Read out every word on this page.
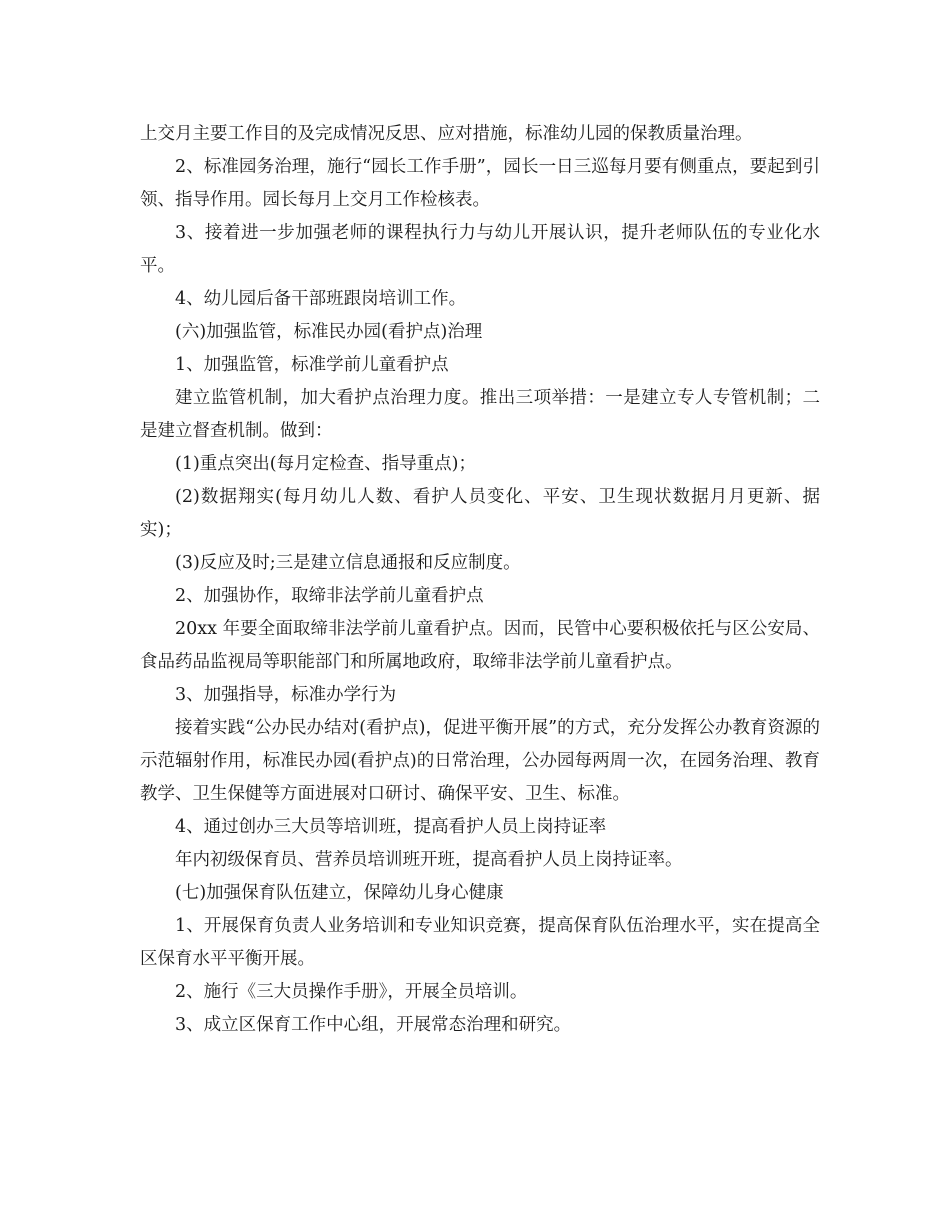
上交月主要工作目的及完成情况反思、应对措施，标准幼儿园的保教质量治理。

2、标准园务治理，施行“园长工作手册”，园长一日三巡每月要有侧重点，要起到引领、指导作用。园长每月上交月工作检核表。

3、接着进一步加强老师的课程执行力与幼儿开展认识，提升老师队伍的专业化水平。

4、幼儿园后备干部班跟岗培训工作。

(六)加强监管，标准民办园(看护点)治理

1、加强监管，标准学前儿童看护点

建立监管机制，加大看护点治理力度。推出三项举措：一是建立专人专管机制；二是建立督查机制。做到：

(1)重点突出(每月定检查、指导重点)；

(2)数据翔实(每月幼儿人数、看护人员变化、平安、卫生现状数据月月更新、据实)；

(3)反应及时;三是建立信息通报和反应制度。

2、加强协作，取缔非法学前儿童看护点

20xx 年要全面取缔非法学前儿童看护点。因而，民管中心要积极依托与区公安局、食品药品监视局等职能部门和所属地政府，取缔非法学前儿童看护点。

3、加强指导，标准办学行为

接着实践“公办民办结对(看护点)，促进平衡开展”的方式，充分发挥公办教育资源的示范辐射作用，标准民办园(看护点)的日常治理，公办园每两周一次，在园务治理、教育教学、卫生保健等方面进展对口研讨、确保平安、卫生、标准。

4、通过创办三大员等培训班，提高看护人员上岗持证率

年内初级保育员、营养员培训班开班，提高看护人员上岗持证率。

(七)加强保育队伍建立，保障幼儿身心健康

1、开展保育负责人业务培训和专业知识竞赛，提高保育队伍治理水平，实在提高全区保育水平平衡开展。

2、施行《三大员操作手册》，开展全员培训。

3、成立区保育工作中心组，开展常态治理和研究。
